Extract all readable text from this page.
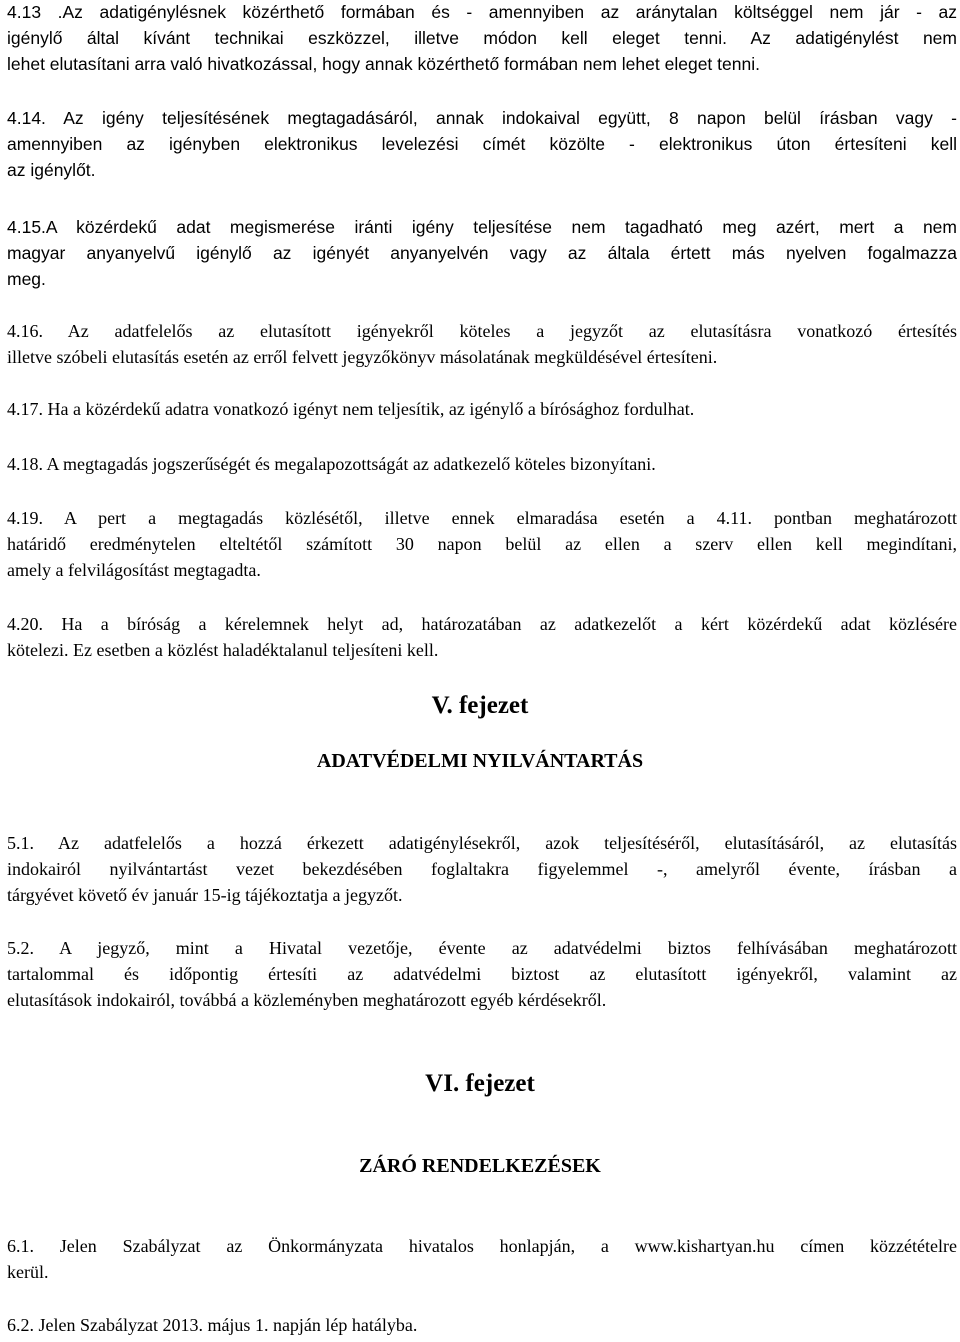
4.13 .Az adatigénylésnek közérthető formában és - amennyiben az aránytalan költséggel nem jár - az
igénylő által kívánt technikai eszközzel, illetve módon kell eleget tenni. Az adatigénylést nem
lehet elutasítani arra való hivatkozással, hogy annak közérthető formában nem lehet eleget tenni.
4.14. Az igény teljesítésének megtagadásáról, annak indokaival együtt, 8 napon belül írásban vagy -
amennyiben az igényben elektronikus levelezési címét közölte - elektronikus úton értesíteni kell
az igénylőt.
4.15.A közérdekű adat megismerése iránti igény teljesítése nem tagadható meg azért, mert a nem
magyar anyanyelvű igénylő az igényét anyanyelvén vagy az általa értett más nyelven fogalmazza
meg.
4.16. Az adatfelelős az elutasított igényekről köteles a jegyzőt az elutasításra vonatkozó értesítés
illetve szóbeli elutasítás esetén az erről felvett jegyzőkönyv másolatának megküldésével értesíteni.
4.17. Ha a közérdekű adatra vonatkozó igényt nem teljesítik, az igénylő a bírósághoz fordulhat.
4.18. A megtagadás jogszerűségét és megalapozottságát az adatkezelő köteles bizonyítani.
4.19. A pert a megtagadás közlésétől, illetve ennek elmaradása esetén a 4.11. pontban meghatározott
határidő eredménytelen elteltétől számított 30 napon belül az ellen a szerv ellen kell megindítani,
amely a felvilágosítást megtagadta.
4.20. Ha a bíróság a kérelemnek helyt ad, határozatában az adatkezelőt a kért közérdekű adat közlésére
kötelezi. Ez esetben a közlést haladéktalanul teljesíteni kell.
V. fejezet
ADATVÉDELMI NYILVÁNTARTÁS
5.1. Az adatfelelős a hozzá érkezett adatigénylésekről, azok teljesítéséről, elutasításáról, az elutasítás
indokairól nyilvántartást vezet bekezdésében foglaltakra figyelemmel -, amelyről évente, írásban a
tárgyévet követő év január 15-ig tájékoztatja a jegyzőt.
5.2. A jegyző, mint a Hivatal vezetője, évente az adatvédelmi biztos felhívásában meghatározott
tartalommal és időpontig értesíti az adatvédelmi biztost az elutasított igényekről, valamint az
elutasítások indokairól, továbbá a közleményben meghatározott egyéb kérdésekről.
VI. fejezet
ZÁRÓ RENDELKEZÉSEK
6.1. Jelen Szabályzat az Önkormányzata hivatalos honlapján, a www.kishartyan.hu címen közzétételre
kerül.
6.2. Jelen Szabályzat 2013. május 1. napján lép hatályba.
